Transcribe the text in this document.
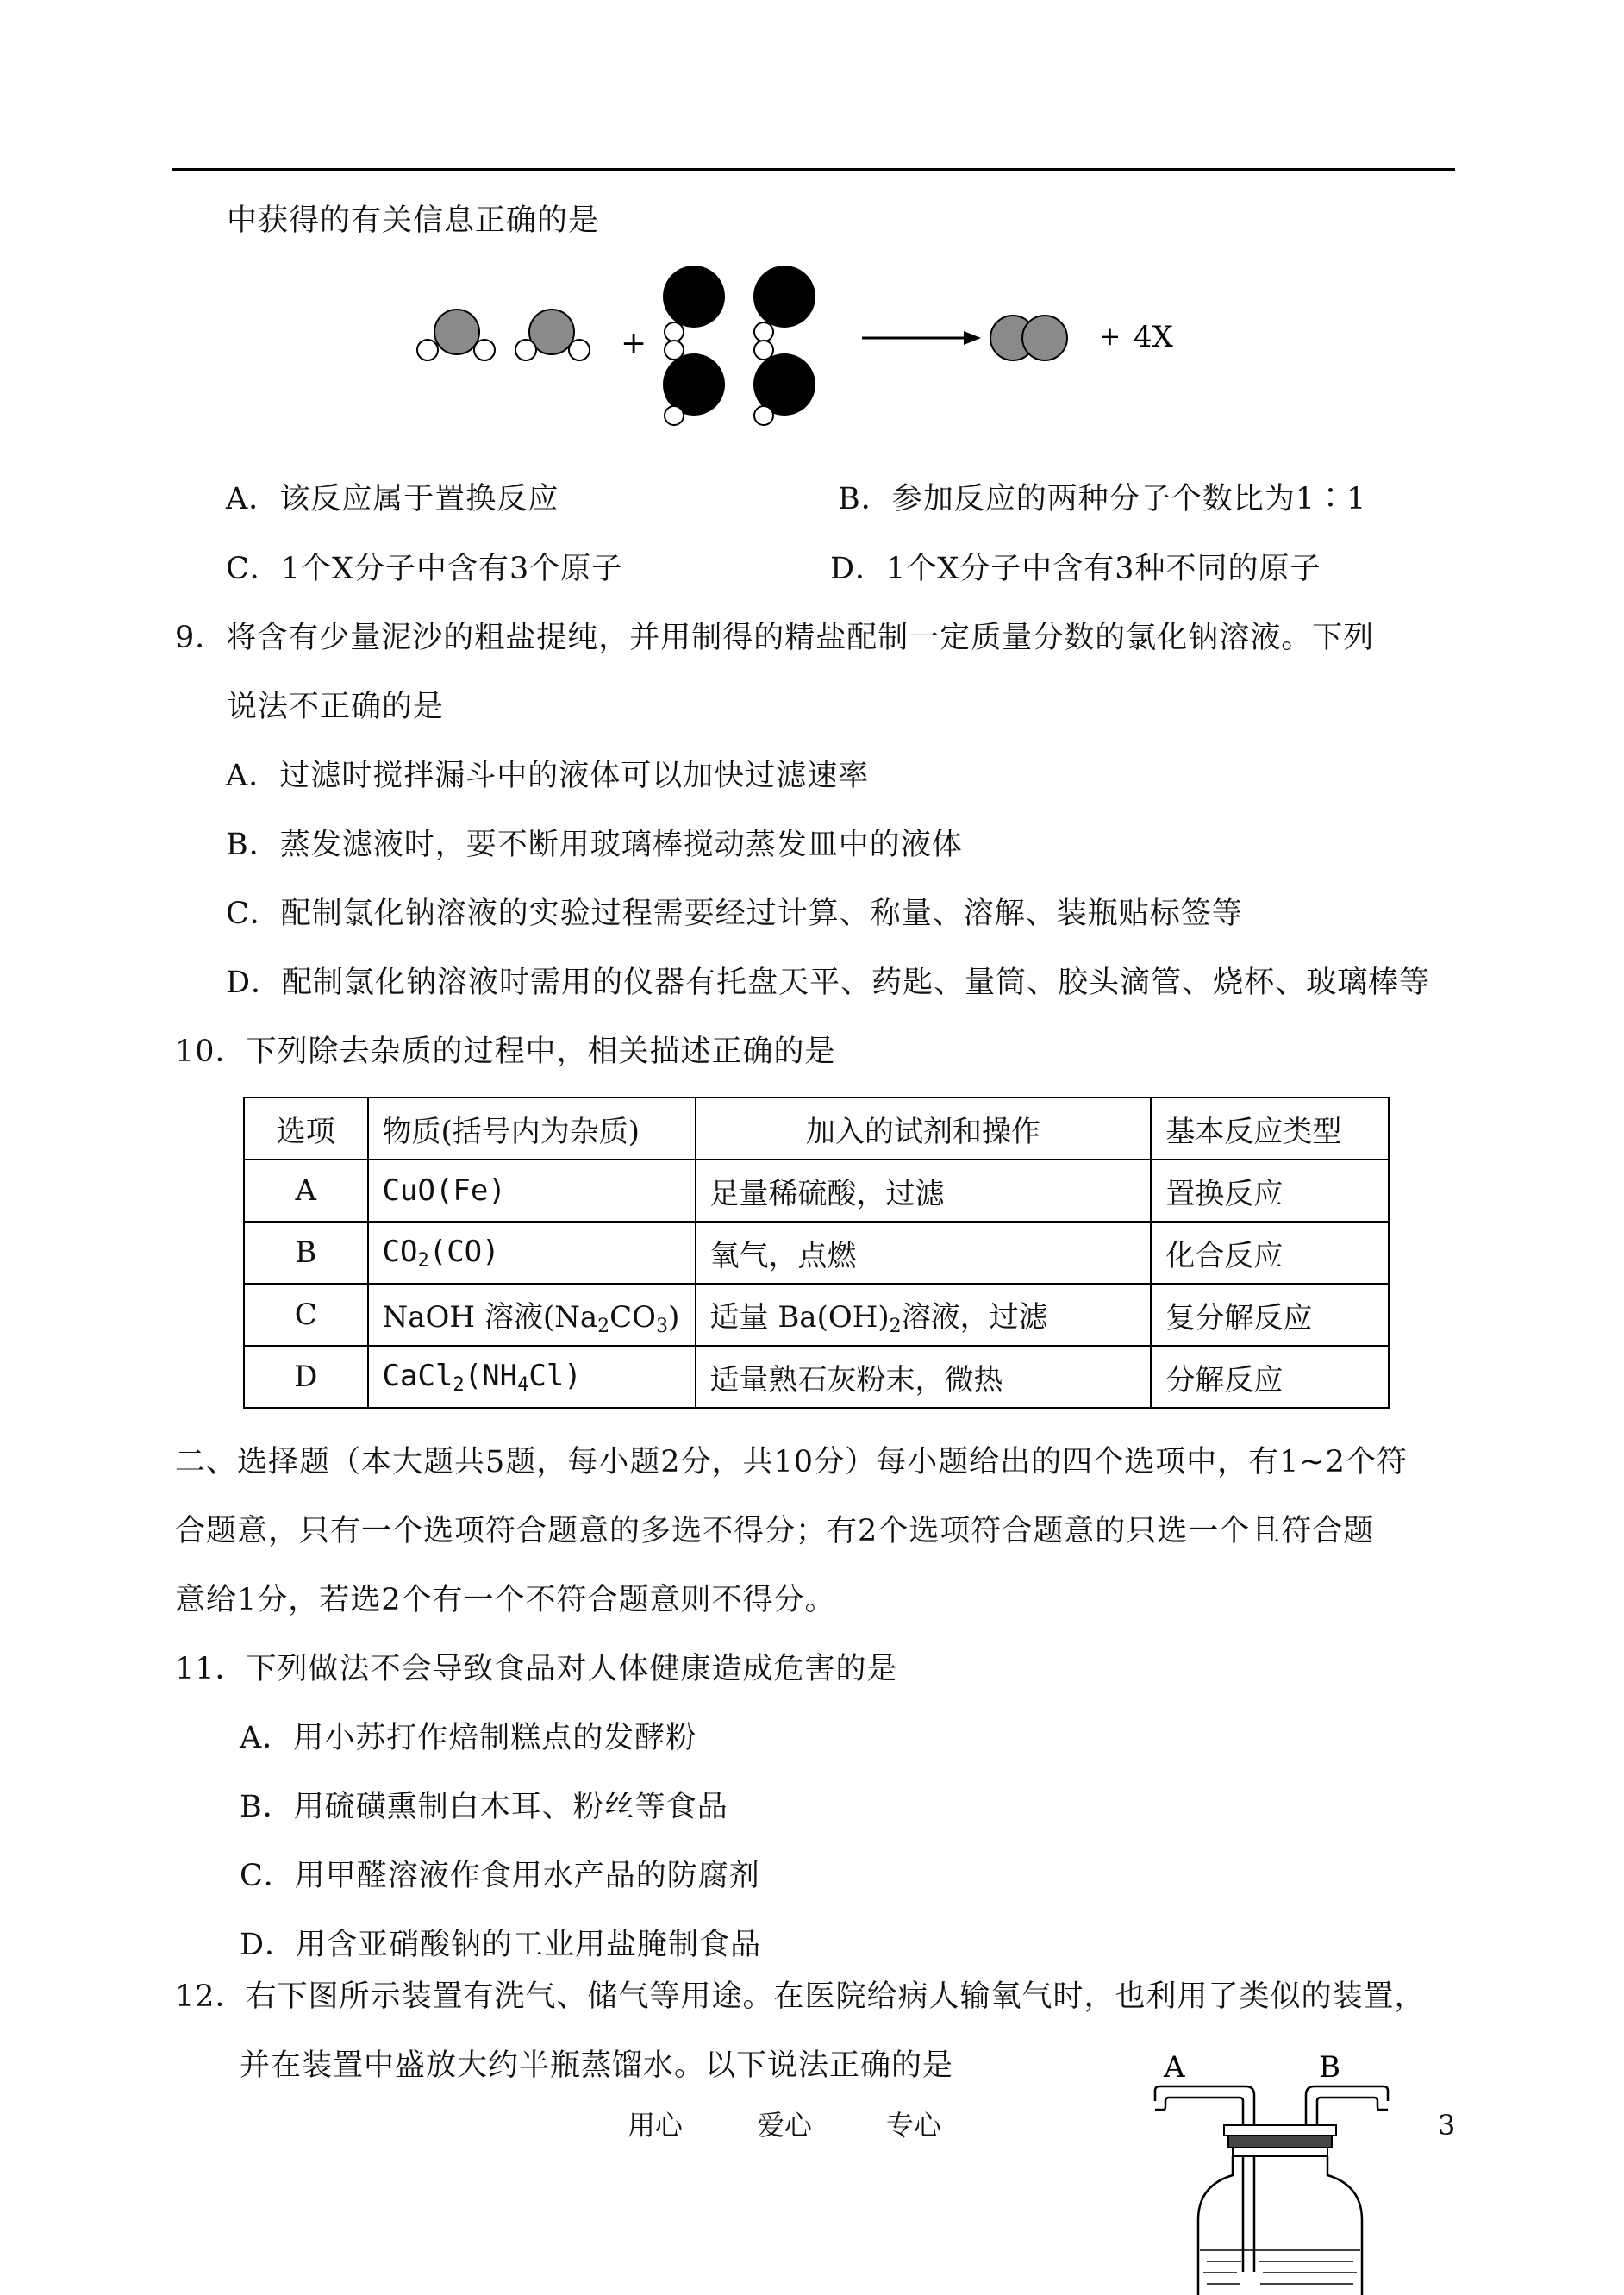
中获得的有关信息正确的是
+	+ 4X
A．该反应属于置换反应	B．参加反应的两种分子个数比为1∶1
C．1个X分子中含有3个原子	D．1个X分子中含有3种不同的原子
9．将含有少量泥沙的粗盐提纯，并用制得的精盐配制一定质量分数的氯化钠溶液。下列
说法不正确的是
A．过滤时搅拌漏斗中的液体可以加快过滤速率
B．蒸发滤液时，要不断用玻璃棒搅动蒸发皿中的液体
C．配制氯化钠溶液的实验过程需要经过计算、称量、溶解、装瓶贴标签等
D．配制氯化钠溶液时需用的仪器有托盘天平、药匙、量筒、胶头滴管、烧杯、玻璃棒等
10．下列除去杂质的过程中，相关描述正确的是
选项	物质(括号内为杂质)	加入的试剂和操作	基本反应类型
A	CuO(Fe)	足量稀硫酸，过滤	置换反应
B	$CO_2(CO)$	氧气，点燃	化合反应
C	NaOH 溶液$(Na_2CO_3)$	适量 $Ba(OH)_2$溶液，过滤	复分解反应
D	$CaCl_2(NH_4Cl)$	适量熟石灰粉末，微热	分解反应
二、选择题（本大题共5题，每小题2分，共10分）每小题给出的四个选项中，有1~2个符
合题意，只有一个选项符合题意的多选不得分；有2个选项符合题意的只选一个且符合题
意给1分，若选2个有一个不符合题意则不得分。
11．下列做法不会导致食品对人体健康造成危害的是
A．用小苏打作焙制糕点的发酵粉
B．用硫磺熏制白木耳、粉丝等食品
C．用甲醛溶液作食用水产品的防腐剂
D．用含亚硝酸钠的工业用盐腌制食品
12．右下图所示装置有洗气、储气等用途。在医院给病人输氧气时，也利用了类似的装置，
并在装置中盛放大约半瓶蒸馏水。以下说法正确的是	A	B
用心	爱心	专心	3
